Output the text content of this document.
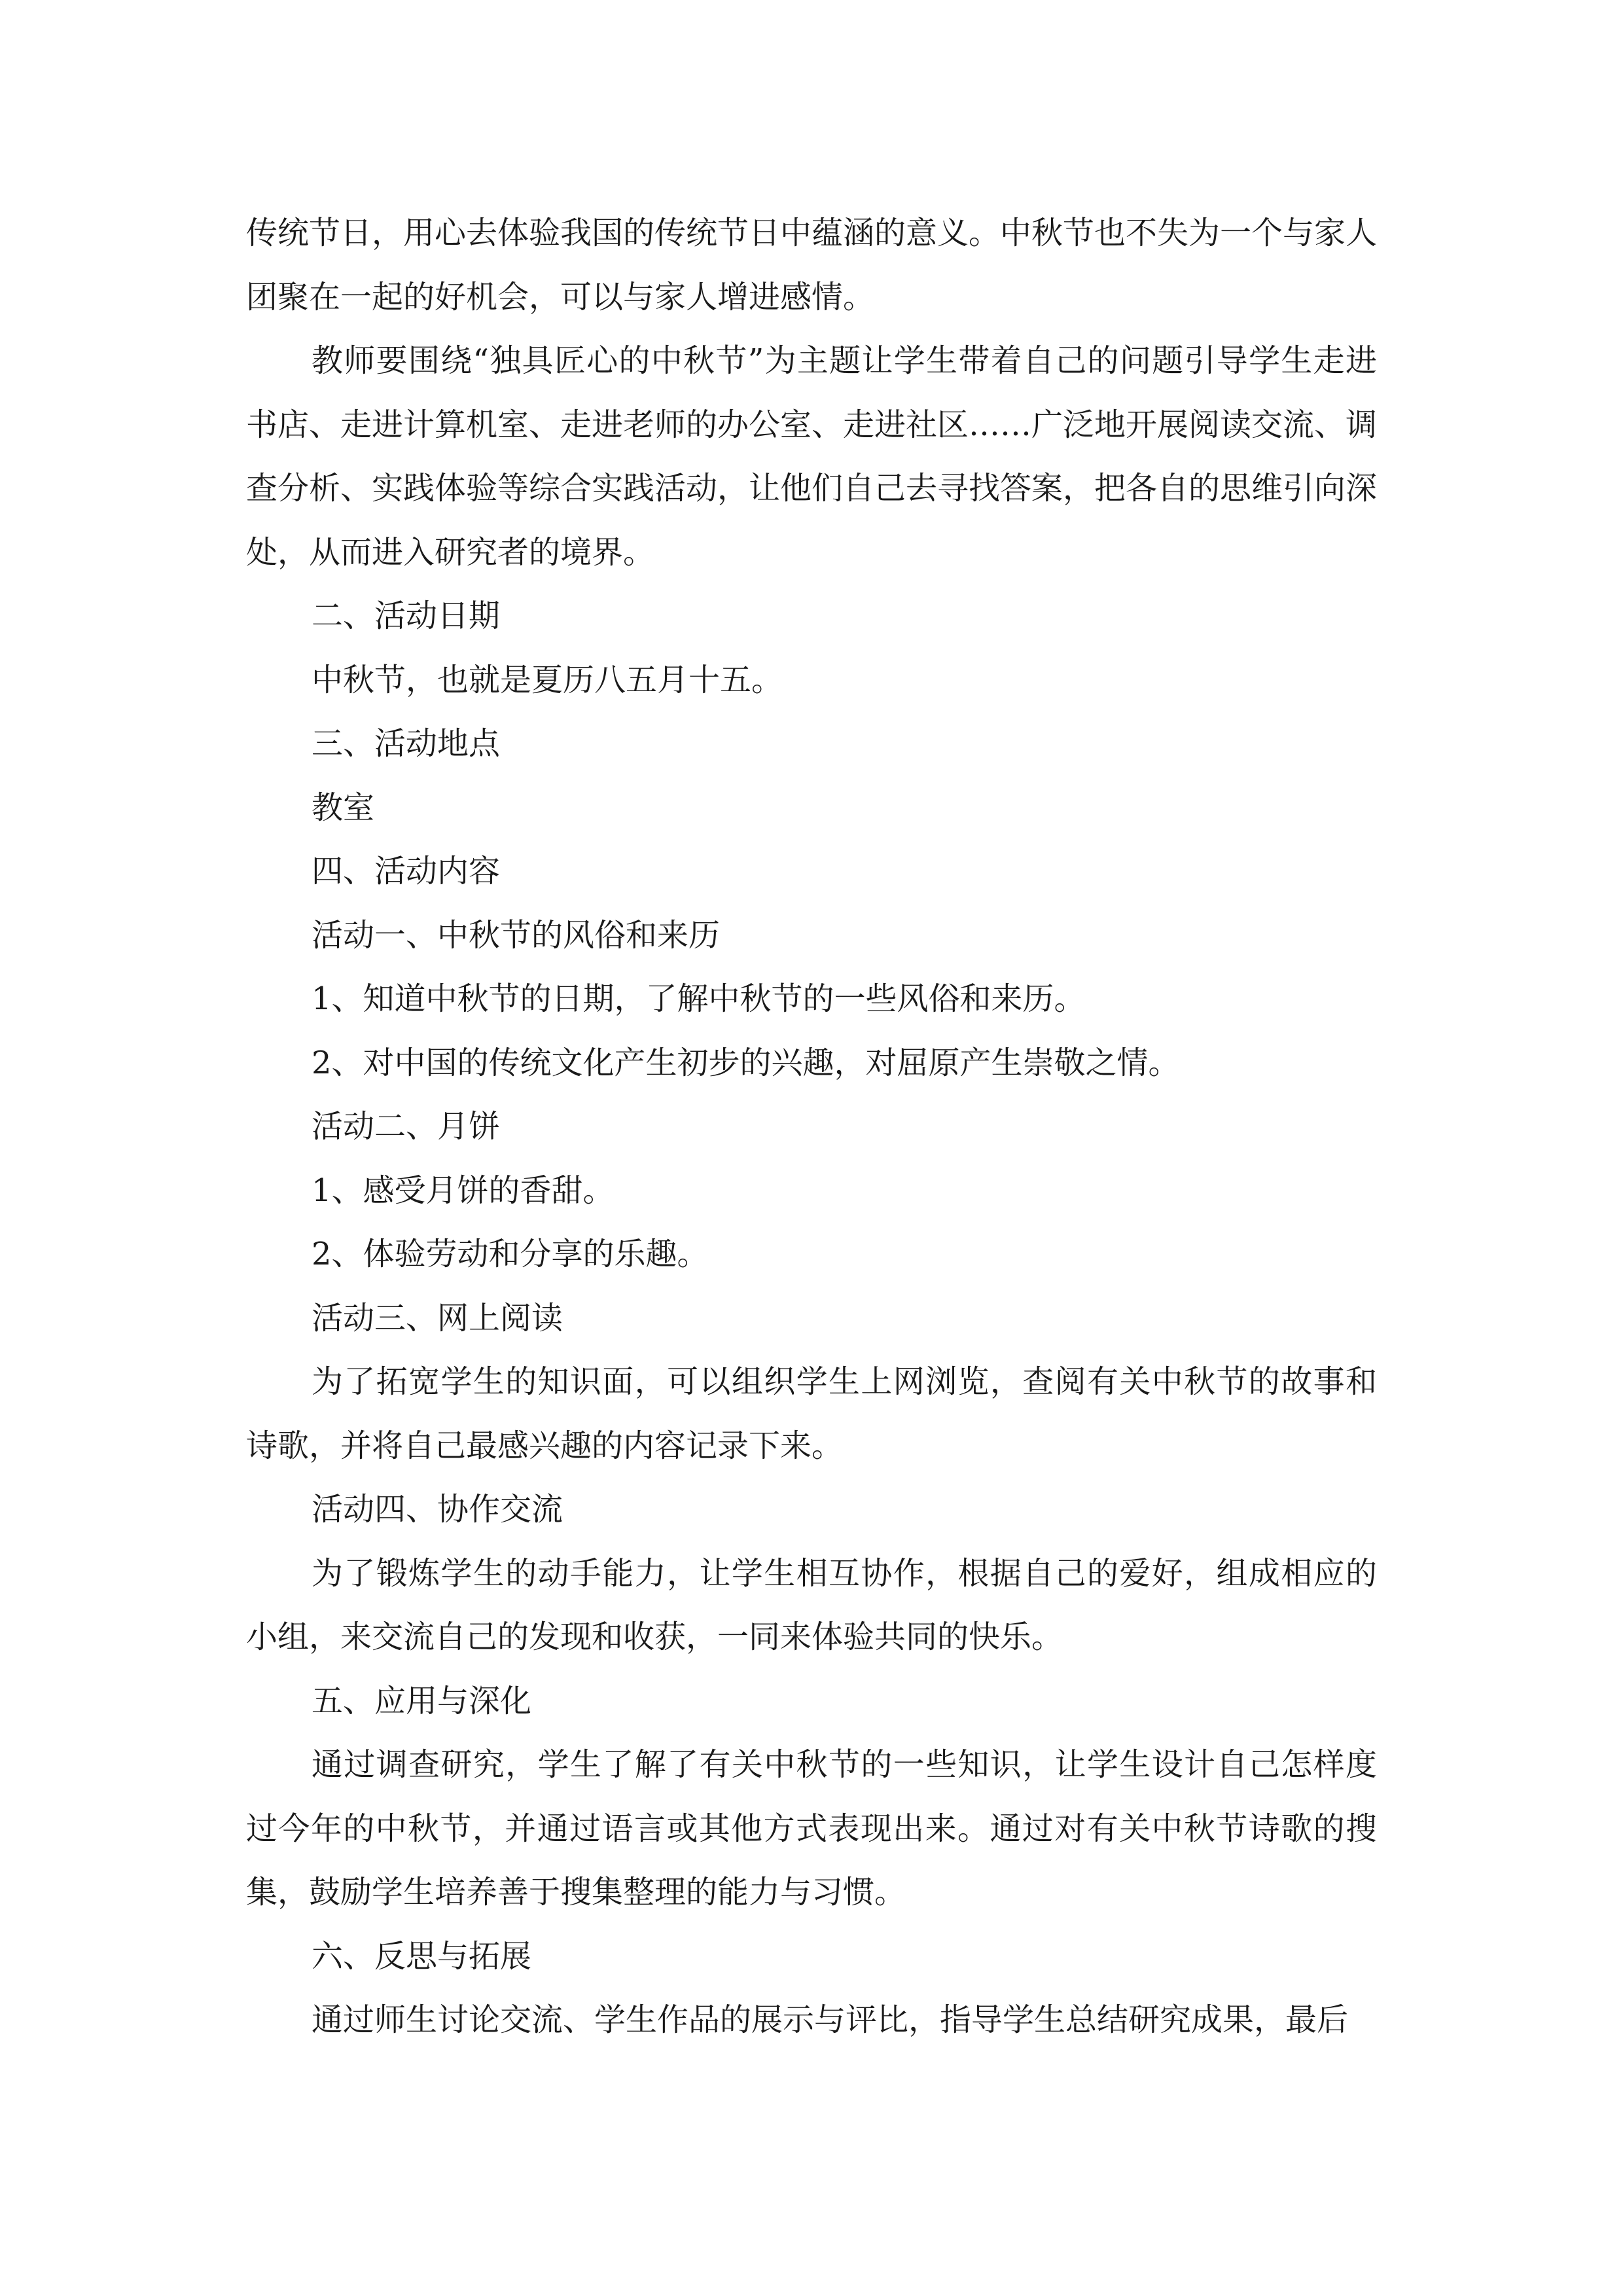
传统节日，用心去体验我国的传统节日中蕴涵的意义。中秋节也不失为一个与家人团聚在一起的好机会，可以与家人增进感情。

教师要围绕“独具匠心的中秋节”为主题让学生带着自己的问题引导学生走进书店、走进计算机室、走进老师的办公室、走进社区……广泛地开展阅读交流、调查分析、实践体验等综合实践活动，让他们自己去寻找答案，把各自的思维引向深处，从而进入研究者的境界。

二、活动日期

中秋节，也就是夏历八五月十五。

三、活动地点

教室

四、活动内容

活动一、中秋节的风俗和来历

1、知道中秋节的日期，了解中秋节的一些风俗和来历。

2、对中国的传统文化产生初步的兴趣，对屈原产生崇敬之情。

活动二、月饼

1、感受月饼的香甜。

2、体验劳动和分享的乐趣。

活动三、网上阅读

为了拓宽学生的知识面，可以组织学生上网浏览，查阅有关中秋节的故事和诗歌，并将自己最感兴趣的内容记录下来。

活动四、协作交流

为了锻炼学生的动手能力，让学生相互协作，根据自己的爱好，组成相应的小组，来交流自己的发现和收获，一同来体验共同的快乐。

五、应用与深化

通过调查研究，学生了解了有关中秋节的一些知识，让学生设计自己怎样度过今年的中秋节，并通过语言或其他方式表现出来。通过对有关中秋节诗歌的搜集，鼓励学生培养善于搜集整理的能力与习惯。

六、反思与拓展

通过师生讨论交流、学生作品的展示与评比，指导学生总结研究成果，最后
